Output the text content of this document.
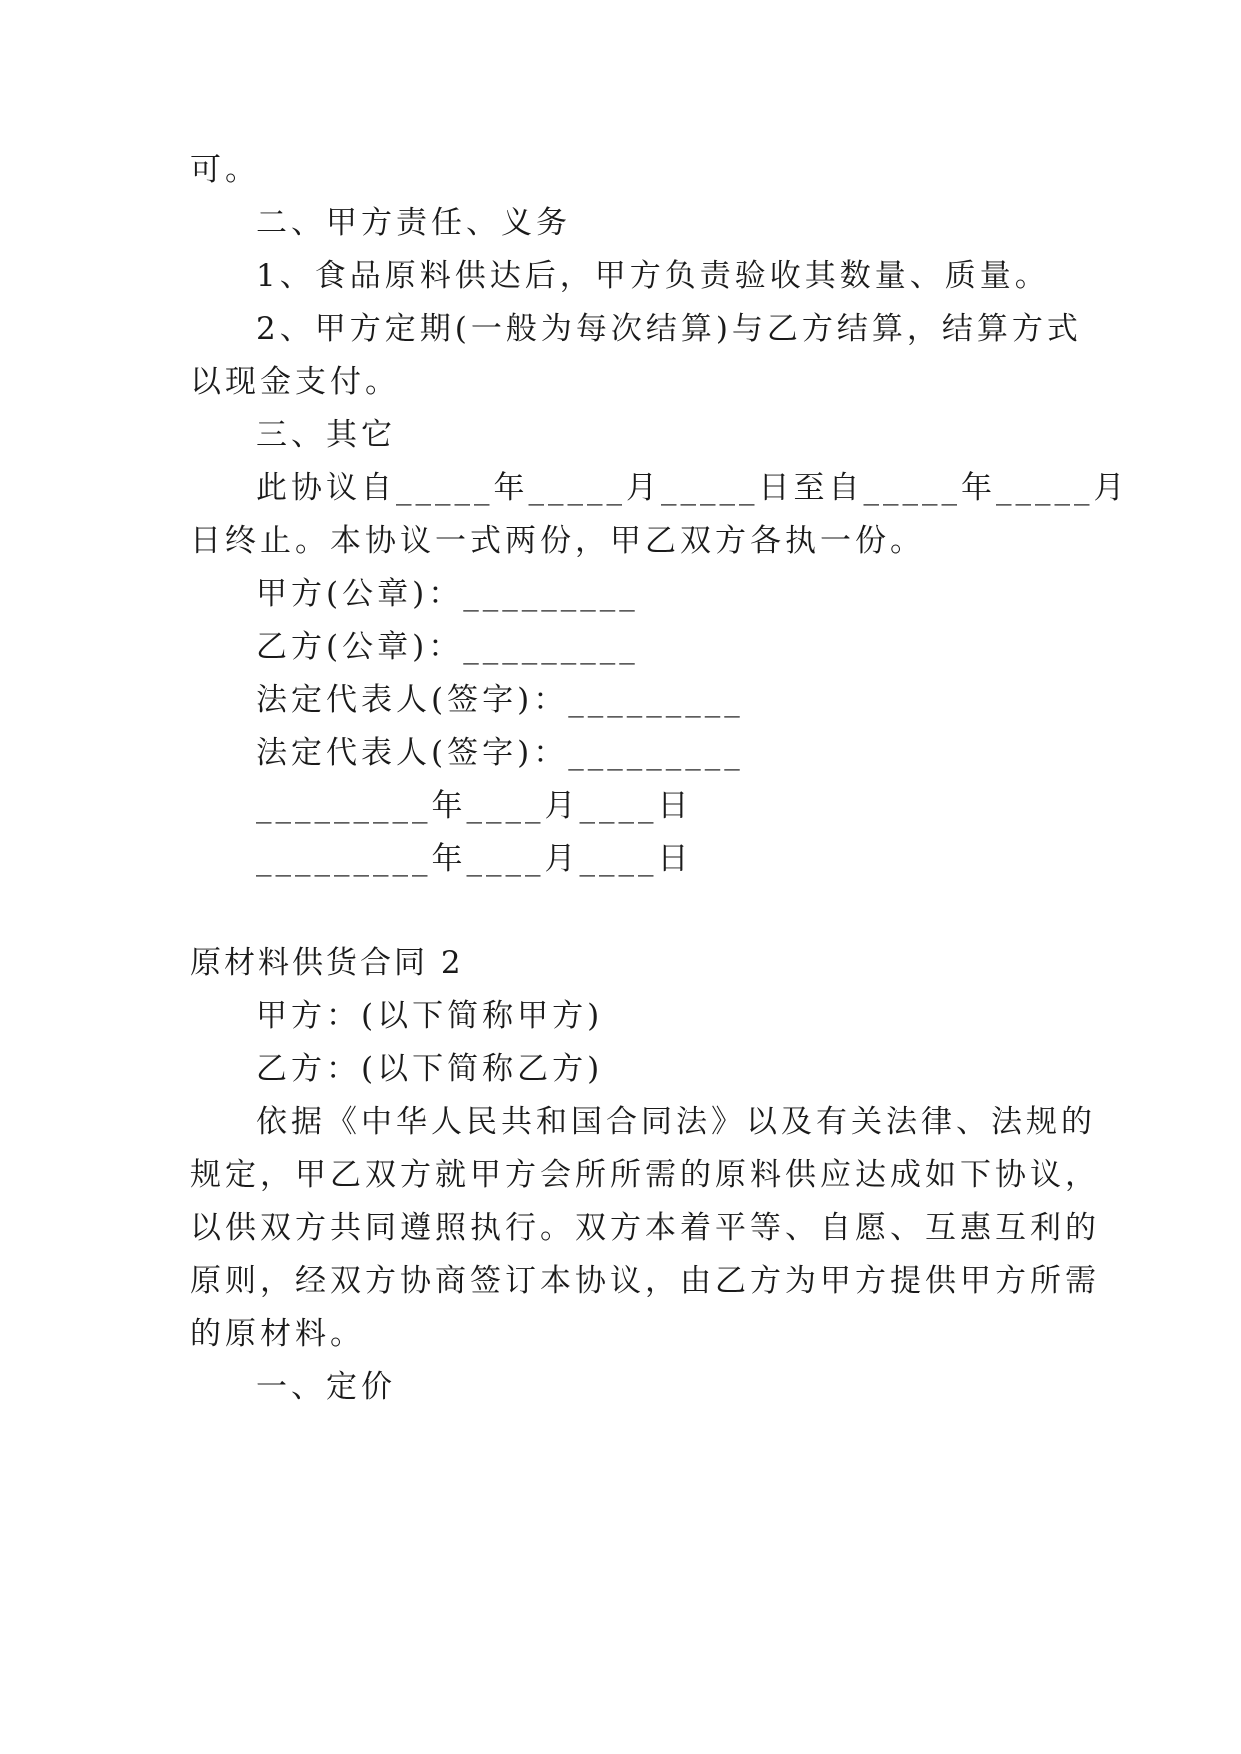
可。
二、甲方责任、义务
1、食品原料供达后，甲方负责验收其数量、质量。
2、甲方定期(一般为每次结算)与乙方结算，结算方式
以现金支付。
三、其它
此协议自_____年_____月_____日至自_____年_____月
日终止。本协议一式两份，甲乙双方各执一份。
甲方(公章)：_________
乙方(公章)：_________
法定代表人(签字)：_________
法定代表人(签字)：_________
_________年____月____日
_________年____月____日
原材料供货合同 2
甲方：(以下简称甲方)
乙方：(以下简称乙方)
依据《中华人民共和国合同法》以及有关法律、法规的
规定，甲乙双方就甲方会所所需的原料供应达成如下协议，
以供双方共同遵照执行。双方本着平等、自愿、互惠互利的
原则，经双方协商签订本协议，由乙方为甲方提供甲方所需
的原材料。
一、定价
